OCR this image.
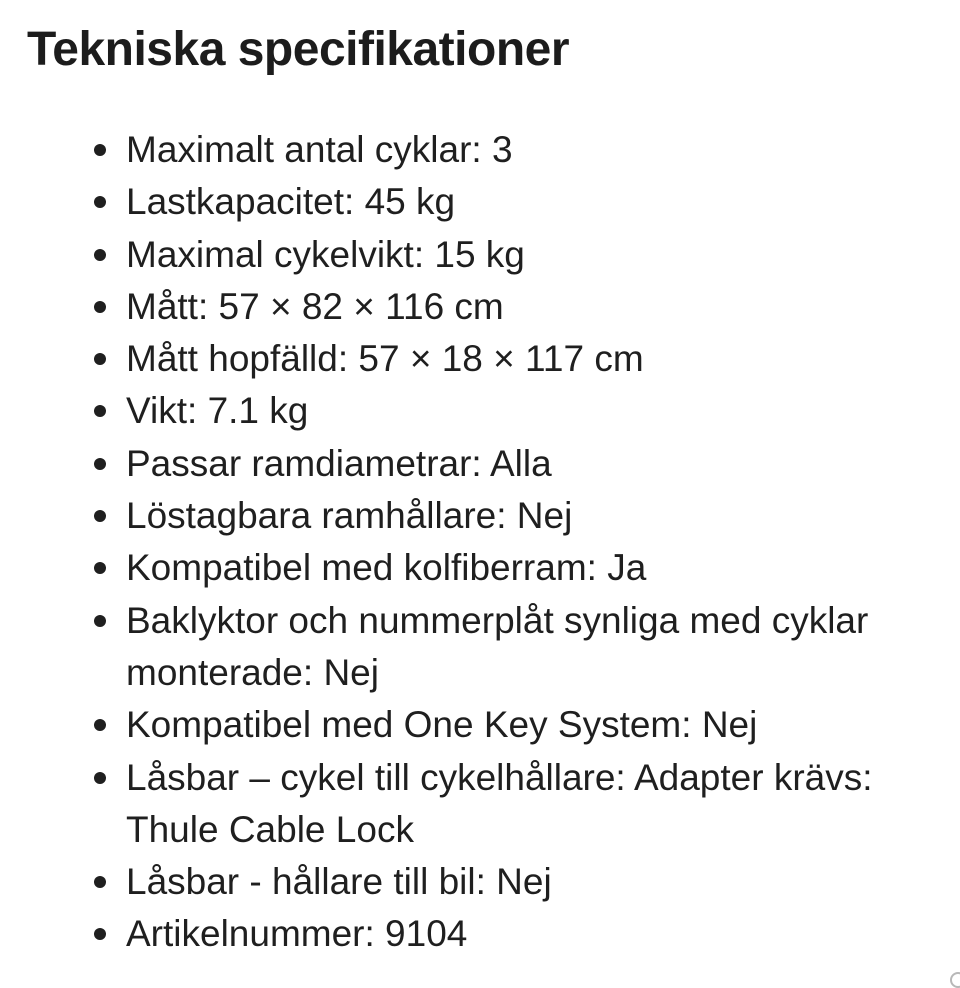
Tekniska specifikationer
Maximalt antal cyklar: 3
Lastkapacitet: 45 kg
Maximal cykelvikt: 15 kg
Mått: 57 × 82 × 116 cm
Mått hopfälld: 57 × 18 × 117 cm
Vikt: 7.1 kg
Passar ramdiametrar: Alla
Löstagbara ramhållare: Nej
Kompatibel med kolfiberram: Ja
Baklyktor och nummerplåt synliga med cyklar monterade: Nej
Kompatibel med One Key System: Nej
Låsbar – cykel till cykelhållare: Adapter krävs: Thule Cable Lock
Låsbar - hållare till bil: Nej
Artikelnummer: 9104
